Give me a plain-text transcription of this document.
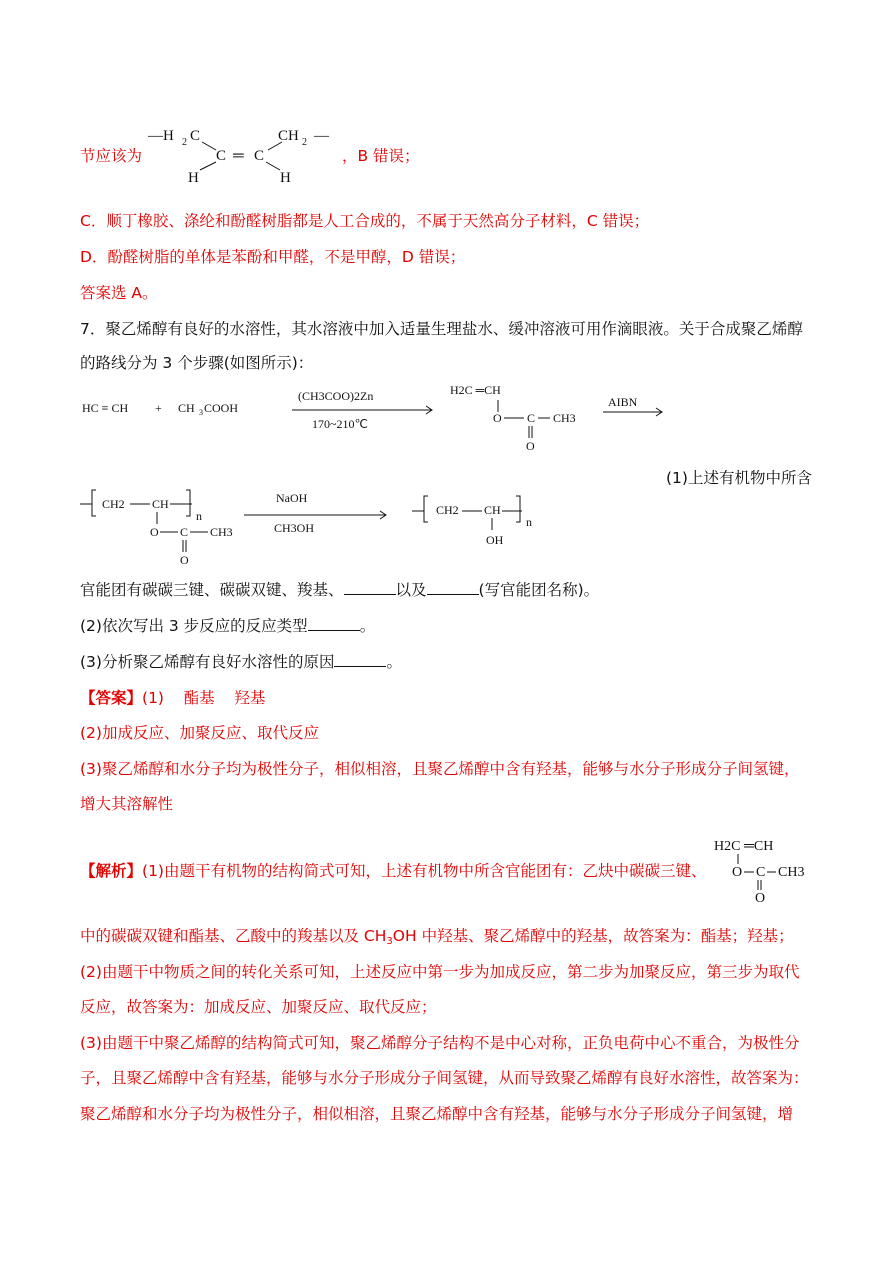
节应该为
—H 2 C	CH 2 —
C ═ C
H	H
，B 错误；
C．顺丁橡胶、涤纶和酚醛树脂都是人工合成的，不属于天然高分子材料，C 错误；
D．酚醛树脂的单体是苯酚和甲醛，不是甲醇，D 错误；
答案选 A。
7．聚乙烯醇有良好的水溶性，其水溶液中加入适量生理盐水、缓冲溶液可用作滴眼液。关于合成聚乙烯醇
的路线分为 3 个步骤(如图所示)：
HC ≡ CH + CH 3 COOH
(CH3COO)2Zn
170~210℃
H2C ═CH
O C CH3
O
AIBN
(1)上述有机物中所含
CH2 CH
n
O C CH3
O
NaOH
CH3OH
CH2 CH
n
OH
官能团有碳碳三键、碳碳双键、羧基、	以及	(写官能团名称)。
(2)依次写出 3 步反应的反应类型	。
(3)分析聚乙烯醇有良好水溶性的原因	。
【答案】(1)    酯基    羟基
(2)加成反应、加聚反应、取代反应
(3)聚乙烯醇和水分子均为极性分子，相似相溶，且聚乙烯醇中含有羟基，能够与水分子形成分子间氢键，
增大其溶解性
【解析】(1)由题干有机物的结构简式可知，上述有机物中所含官能团有：乙炔中碳碳三键、
H2C ═CH
O C CH3
O
中的碳碳双键和酯基、乙酸中的羧基以及 $CH_3OH$ 中羟基、聚乙烯醇中的羟基，故答案为：酯基；羟基；
(2)由题干中物质之间的转化关系可知，上述反应中第一步为加成反应，第二步为加聚反应，第三步为取代
反应，故答案为：加成反应、加聚反应、取代反应；
(3)由题干中聚乙烯醇的结构简式可知，聚乙烯醇分子结构不是中心对称，正负电荷中心不重合，为极性分
子，且聚乙烯醇中含有羟基，能够与水分子形成分子间氢键，从而导致聚乙烯醇有良好水溶性，故答案为：
聚乙烯醇和水分子均为极性分子，相似相溶，且聚乙烯醇中含有羟基，能够与水分子形成分子间氢键，增
